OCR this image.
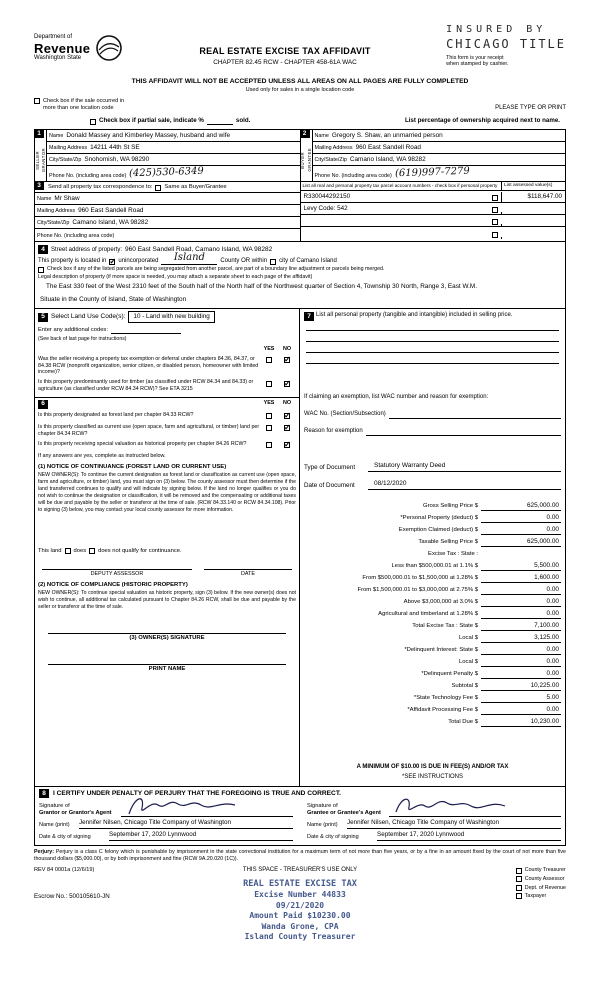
Department of
Revenue
Washington State
REAL ESTATE EXCISE TAX AFFIDAVIT
CHAPTER 82.45 RCW - CHAPTER 458-61A WAC
INSURED BY
CHICAGO TITLE
This form is your receipt
when stamped by cashier.
THIS AFFIDAVIT WILL NOT BE ACCEPTED UNLESS ALL AREAS ON ALL PAGES ARE FULLY COMPLETED
Used only for sales in a single location code
Check box if the sale occurred in
more than one location code	PLEASE TYPE OR PRINT
Check box if partial sale, indicate %	sold.	List percentage of ownership acquired next to name.
1
SELLER GRANTOR
Name Donald Massey and Kimberley Massey, husband and wife
Mailing Address 14211 44th St SE
City/State/Zip Snohomish, WA 98290
Phone No. (including area code) (425)530-6349
2
BUYER GRANTEE
Name Gregory S. Shaw, an unmarried person
Mailing Address 960 East Sandell Road
City/State/Zip Camano Island, WA 98282
Phone No. (including area code) (619)997-7279
3	Send all property tax correspondence to: Same as Buyer/Grantee
Name Mr Shaw
Mailing Address 960 East Sandell Road
City/State/Zip Camano Island, WA 98282
Phone No. (including area code)
List all real and personal property tax parcel account numbers - check box if personal property	List assessed value(s)
R330044292150	$118,647.00
Levy Code: 542
4	Street address of property: 960 East Sandell Road, Camano Island, WA 98282
This property is located in ✓ unincorporated	Island	County OR within city of Camano Island
Check box if any of the listed parcels are being segregated from another parcel, are part of a boundary line adjustment or parcels being merged.
Legal description of property (if more space is needed, you may attach a separate sheet to each page of the affidavit)
The East 330 feet of the West 2310 feet of the South half of the North half of the Northwest quarter of Section 4, Township 30 North, Range 3, East W.M.
Situate in the County of Island, State of Washington
5 Select Land Use Code(s):	10 - Land with new building
Enter any additional codes:
(See back of last page for instructions)
YES	NO
Was the seller receiving a property tax exemption or deferral under chapters 84.36, 84.37, or 84.38 RCW (nonprofit organization, senior citizen, or disabled person, homeowner with limited income)?
✓
Is this property predominantly used for timber (as classified under RCW 84.34 and 84.33) or agriculture (as classified under RCW 84.34 RCW)? See ETA 3215
✓
6	YES	NO
Is this property designated as forest land per chapter 84.33 RCW?
✓
Is this property classified as current use (open space, farm and agricultural, or timber) land per chapter 84.34 RCW?
✓
Is this property receiving special valuation as historical property per chapter 84.26 RCW?
✓
If any answers are yes, complete as instructed below.
(1) NOTICE OF CONTINUANCE (FOREST LAND OR CURRENT USE)
NEW OWNER(S): To continue the current designation as forest land or classification as current use (open space, farm and agriculture, or timber) land, you must sign on (3) below. The county assessor must then determine if the land transferred continues to qualify and will indicate by signing below. If the land no longer qualifies or you do not wish to continue the designation or classification, it will be removed and the compensating or additional taxes will be due and payable by the seller or transferor at the time of sale. (RCW 84.33.140 or RCW 84.34.108). Prior to signing (3) below, you may contact your local county assessor for more information.
This land does does not qualify for continuance.
DEPUTY ASSESSOR	DATE
(2) NOTICE OF COMPLIANCE (HISTORIC PROPERTY)
NEW OWNER(S): To continue special valuation as historic property, sign (3) below. If the new owner(s) does not wish to continue, all additional tax calculated pursuant to Chapter 84.26 RCW, shall be due and payable by the seller or transferor at the time of sale.
(3) OWNER(S) SIGNATURE
PRINT NAME
7 List all personal property (tangible and intangible) included in selling price.
If claiming an exemption, list WAC number and reason for exemption:
WAC No. (Section/Subsection)
Reason for exemption
Type of Document	Statutory Warranty Deed
Date of Document	08/12/2020
Gross Selling Price $	625,000.00
*Personal Property (deduct) $	0.00
Exemption Claimed (deduct) $	0.00
Taxable Selling Price $	625,000.00
Excise Tax : State :
Less than $500,000.01 at 1.1% $	5,500.00
From $500,000.01 to $1,500,000 at 1.28% $	1,600.00
From $1,500,000.01 to $3,000,000 at 2.75% $	0.00
Above $3,000,000 at 3.0% $	0.00
Agricultural and timberland at 1.28% $	0.00
Total Excise Tax : State $	7,100.00
Local $	3,125.00
*Delinquent Interest: State $	0.00
Local $	0.00
*Delinquent Penalty $	0.00
Subtotal $	10,225.00
*State Technology Fee $	5.00
*Affidavit Processing Fee $	0.00
Total Due $	10,230.00
A MINIMUM OF $10.00 IS DUE IN FEE(S) AND/OR TAX
*SEE INSTRUCTIONS
8	I CERTIFY UNDER PENALTY OF PERJURY THAT THE FOREGOING IS TRUE AND CORRECT.
Signature of
Grantor or Grantor's Agent
Name (print)	Jennifer Nilsen, Chicago Title Company of Washington
Date & city of signing	September 17, 2020 Lynnwood
Signature of
Grantee or Grantee's Agent
Name (print)	Jennifer Nilsen, Chicago Title Company of Washington
Date & city of signing	September 17, 2020 Lynnwood
Perjury: Perjury is a class C felony which is punishable by imprisonment in the state correctional institution for a maximum term of not more than five years, or by a fine in an amount fixed by the court of not more than five thousand dollars ($5,000.00), or by both imprisonment and fine (RCW 9A.20.020 (1C)).
REV 84 0001a (12/6/19)	THIS SPACE - TREASURER'S USE ONLY	County Treasurer
County Assessor
Dept. of Revenue
Taxpayer
Escrow No.: 500105610-JN
REAL ESTATE EXCISE TAX
Excise Number 44833
09/21/2020
Amount Paid $10230.00
Wanda Grone, CPA
Island County Treasurer
